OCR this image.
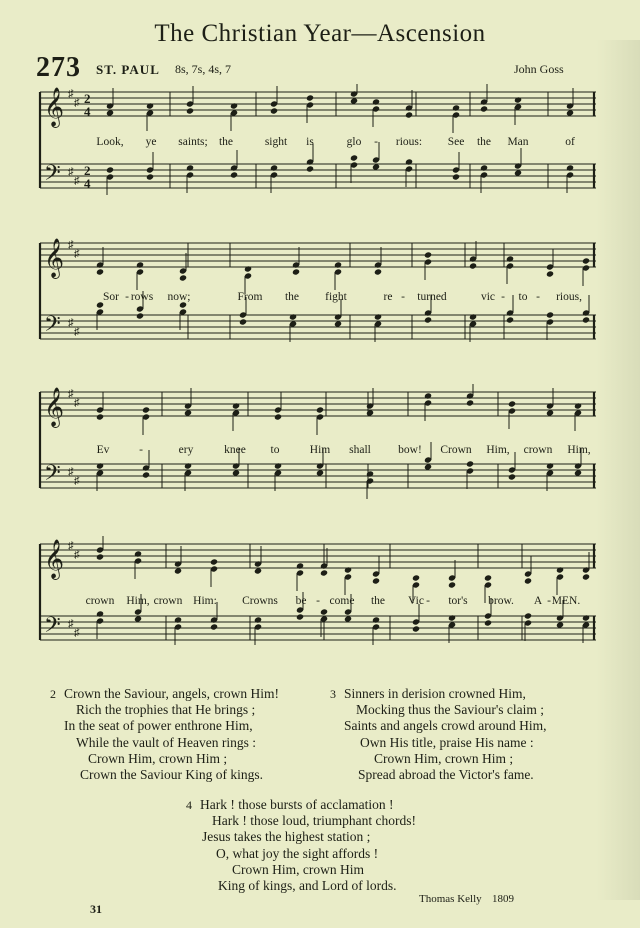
The Christian Year—Ascension
273 ST. PAUL 8s, 7s, 4s, 7	John Goss
𝄞
𝄢
♯
♯
♯
♯
2
4
2
4
𝄞
𝄢
♯
♯
♯
♯
𝄞
𝄢
♯
♯
♯
♯
𝄞
𝄢
♯
♯
♯
♯
Look, ye saints; the	sight is	glo - rious: See the Man	of
Sor - rows now;	From the fight	re - turned	vic - to - rious,
Ev	-	ery	knee to	Him shall bow! Crown Him, crown Him,
crown Him, crown Him: Crowns be - come the Vic - tor's brow. A - MEN.
2 Crown the Saviour, angels, crown Him!
Rich the trophies that He brings ;
In the seat of power enthrone Him,
While the vault of Heaven rings :
Crown Him, crown Him ;
Crown the Saviour King of kings.
3 Sinners in derision crowned Him,
Mocking thus the Saviour's claim ;
Saints and angels crowd around Him,
Own His title, praise His name :
Crown Him, crown Him ;
Spread abroad the Victor's fame.
4 Hark ! those bursts of acclamation !
Hark ! those loud, triumphant chords!
Jesus takes the highest station ;
O, what joy the sight affords !
Crown Him, crown Him
King of kings, and Lord of lords.
Thomas Kelly 1809
31
